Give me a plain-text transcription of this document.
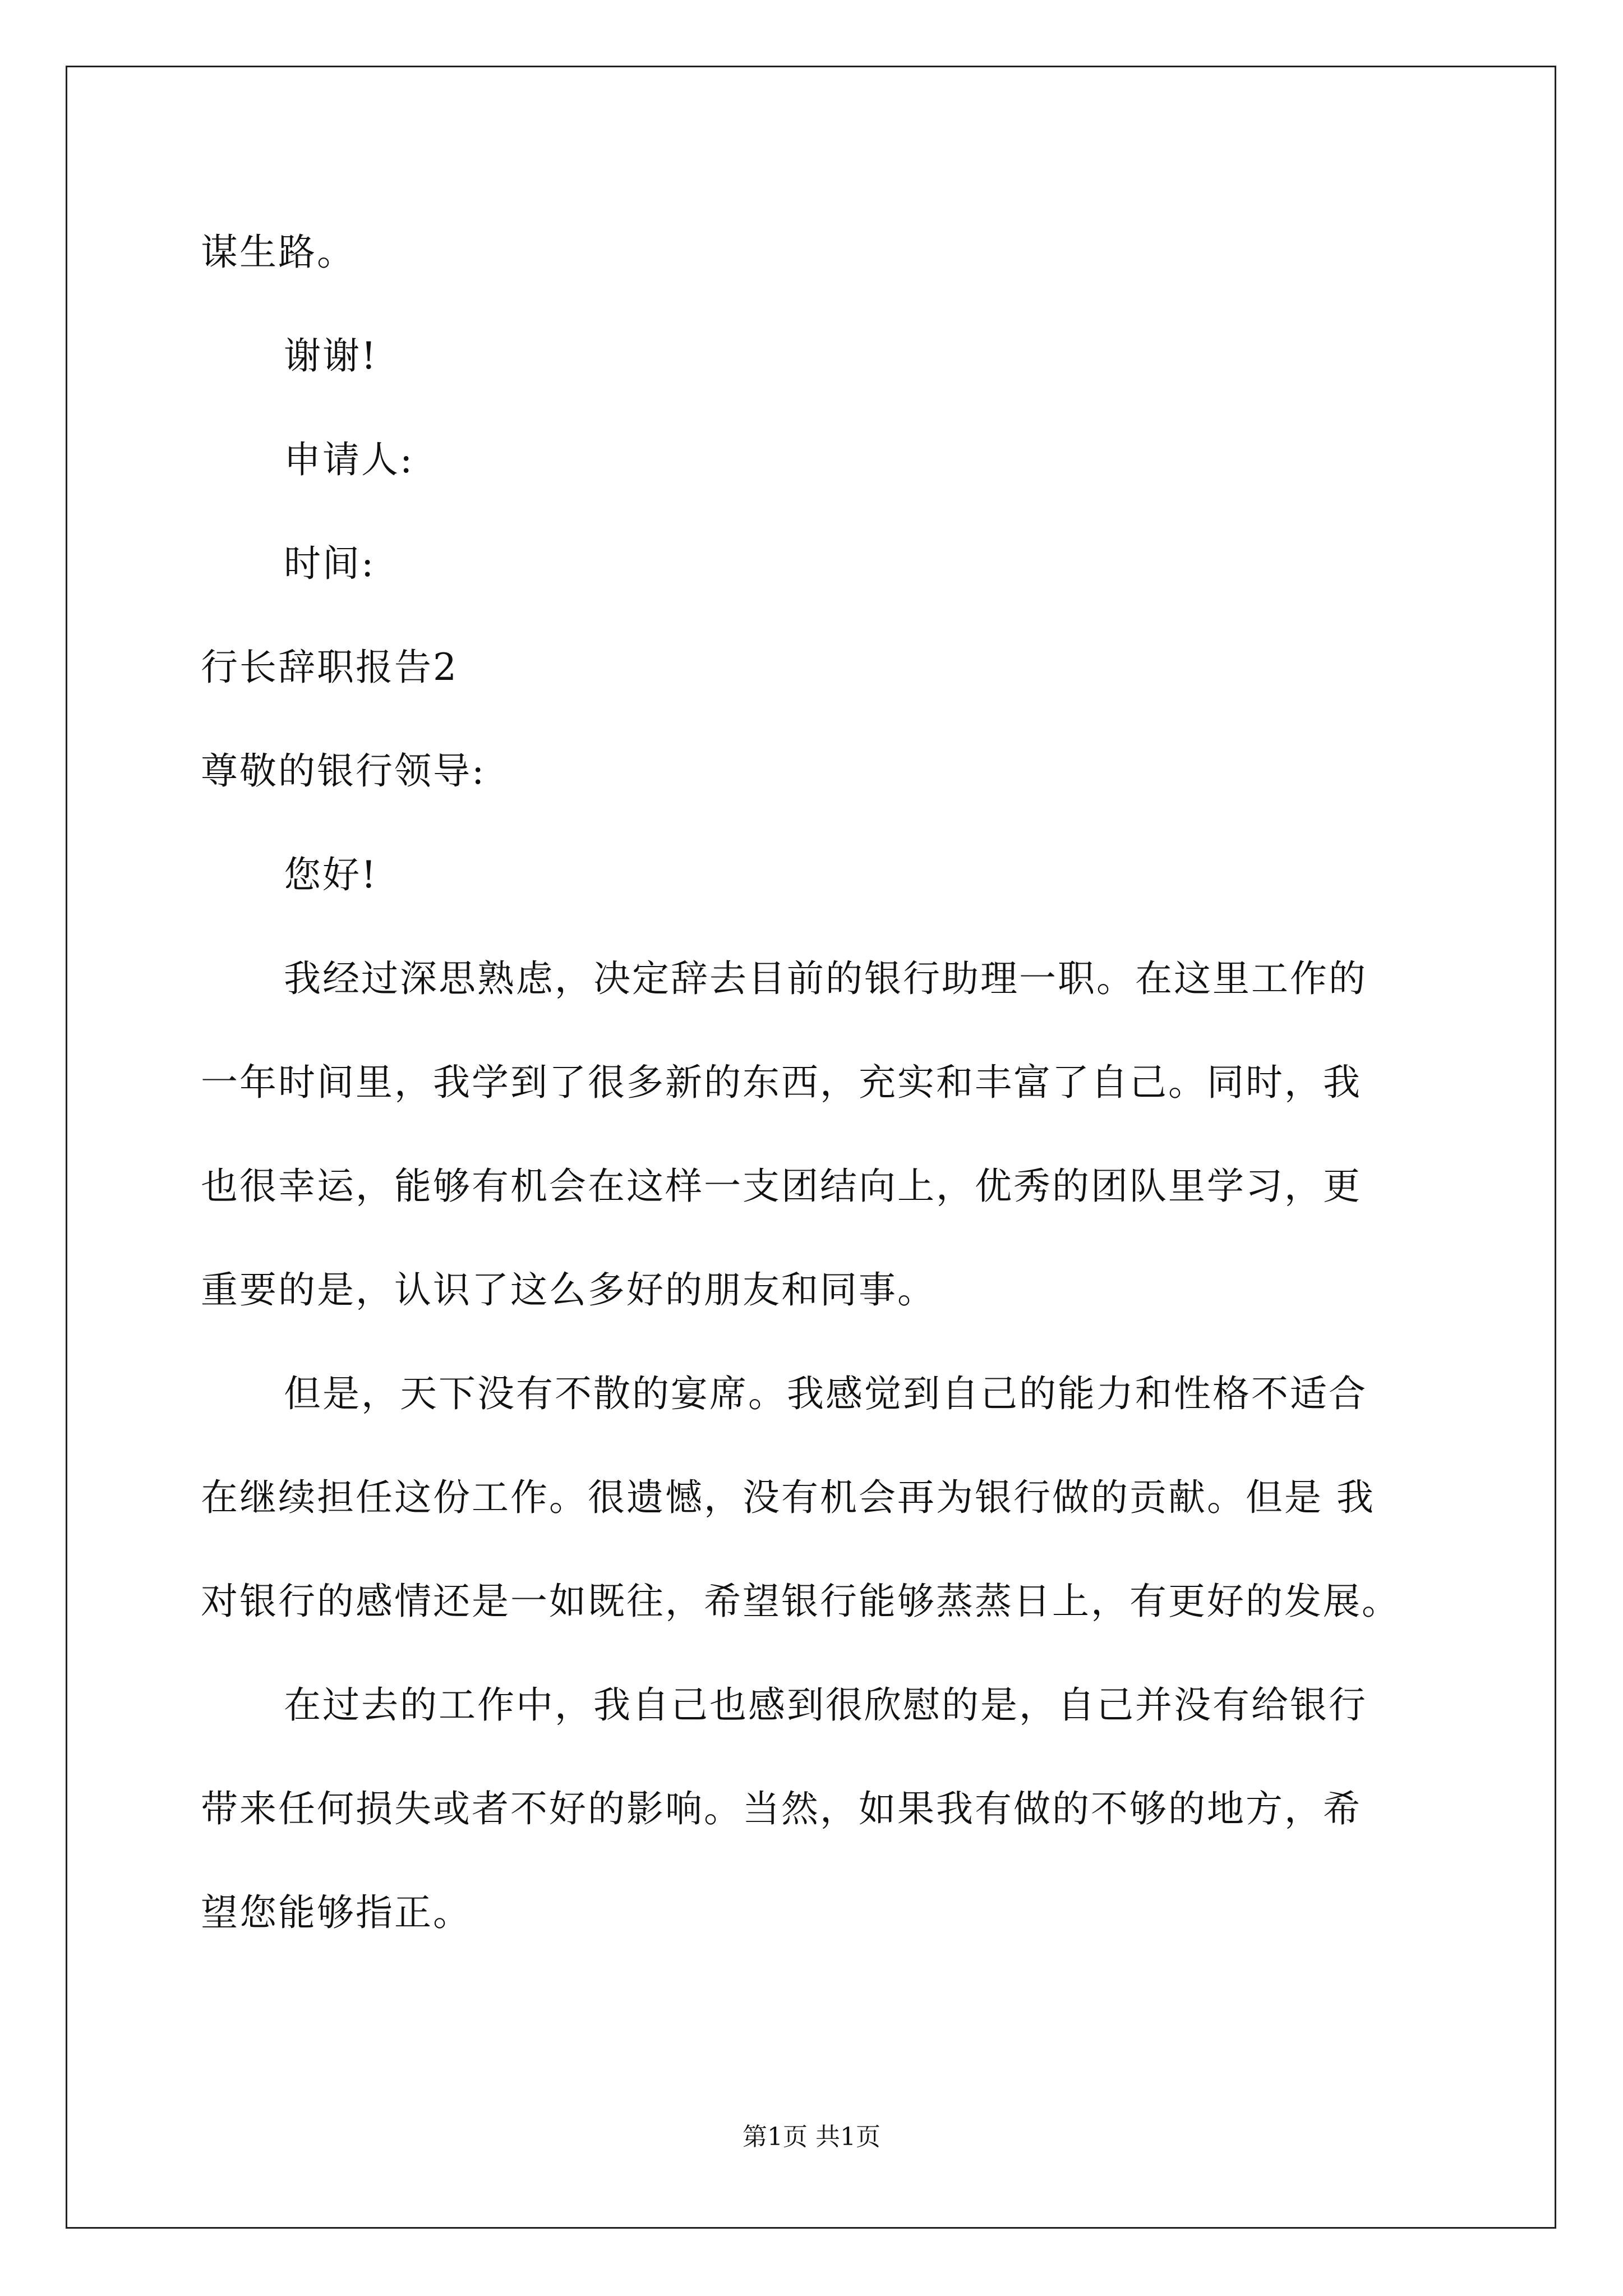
谋生路。
谢谢!
申请人:
时间:
行长辞职报告2
尊敬的银行领导:
您好!
我经过深思熟虑，决定辞去目前的银行助理一职。在这里工作的
一年时间里，我学到了很多新的东西，充实和丰富了自己。同时，我
也很幸运，能够有机会在这样一支团结向上，优秀的团队里学习，更
重要的是，认识了这么多好的朋友和同事。
但是，天下没有不散的宴席。我感觉到自己的能力和性格不适合
在继续担任这份工作。很遗憾，没有机会再为银行做的贡献。但是 我
对银行的感情还是一如既往，希望银行能够蒸蒸日上，有更好的发展。
在过去的工作中，我自己也感到很欣慰的是，自己并没有给银行
带来任何损失或者不好的影响。当然，如果我有做的不够的地方，希
望您能够指正。
第1页 共1页
